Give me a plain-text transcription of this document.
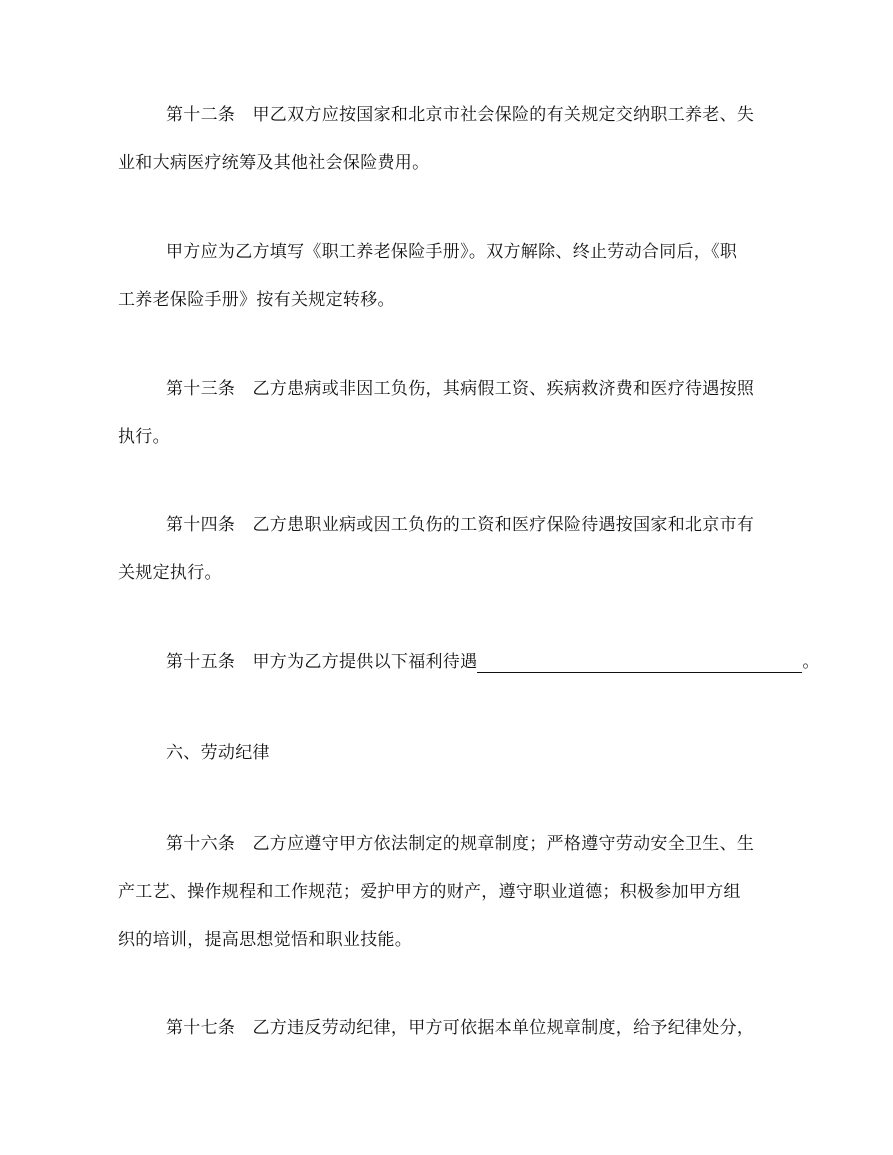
第十二条　甲乙双方应按国家和北京市社会保险的有关规定交纳职工养老、失
业和大病医疗统筹及其他社会保险费用。
甲方应为乙方填写《职工养老保险手册》。双方解除、终止劳动合同后，《职
工养老保险手册》按有关规定转移。
第十三条　乙方患病或非因工负伤，其病假工资、疾病救济费和医疗待遇按照
执行。
第十四条　乙方患职业病或因工负伤的工资和医疗保险待遇按国家和北京市有
关规定执行。
第十五条　甲方为乙方提供以下福利待遇	。
六、劳动纪律
第十六条　乙方应遵守甲方依法制定的规章制度；严格遵守劳动安全卫生、生
产工艺、操作规程和工作规范；爱护甲方的财产，遵守职业道德；积极参加甲方组
织的培训，提高思想觉悟和职业技能。
第十七条　乙方违反劳动纪律，甲方可依据本单位规章制度，给予纪律处分，
